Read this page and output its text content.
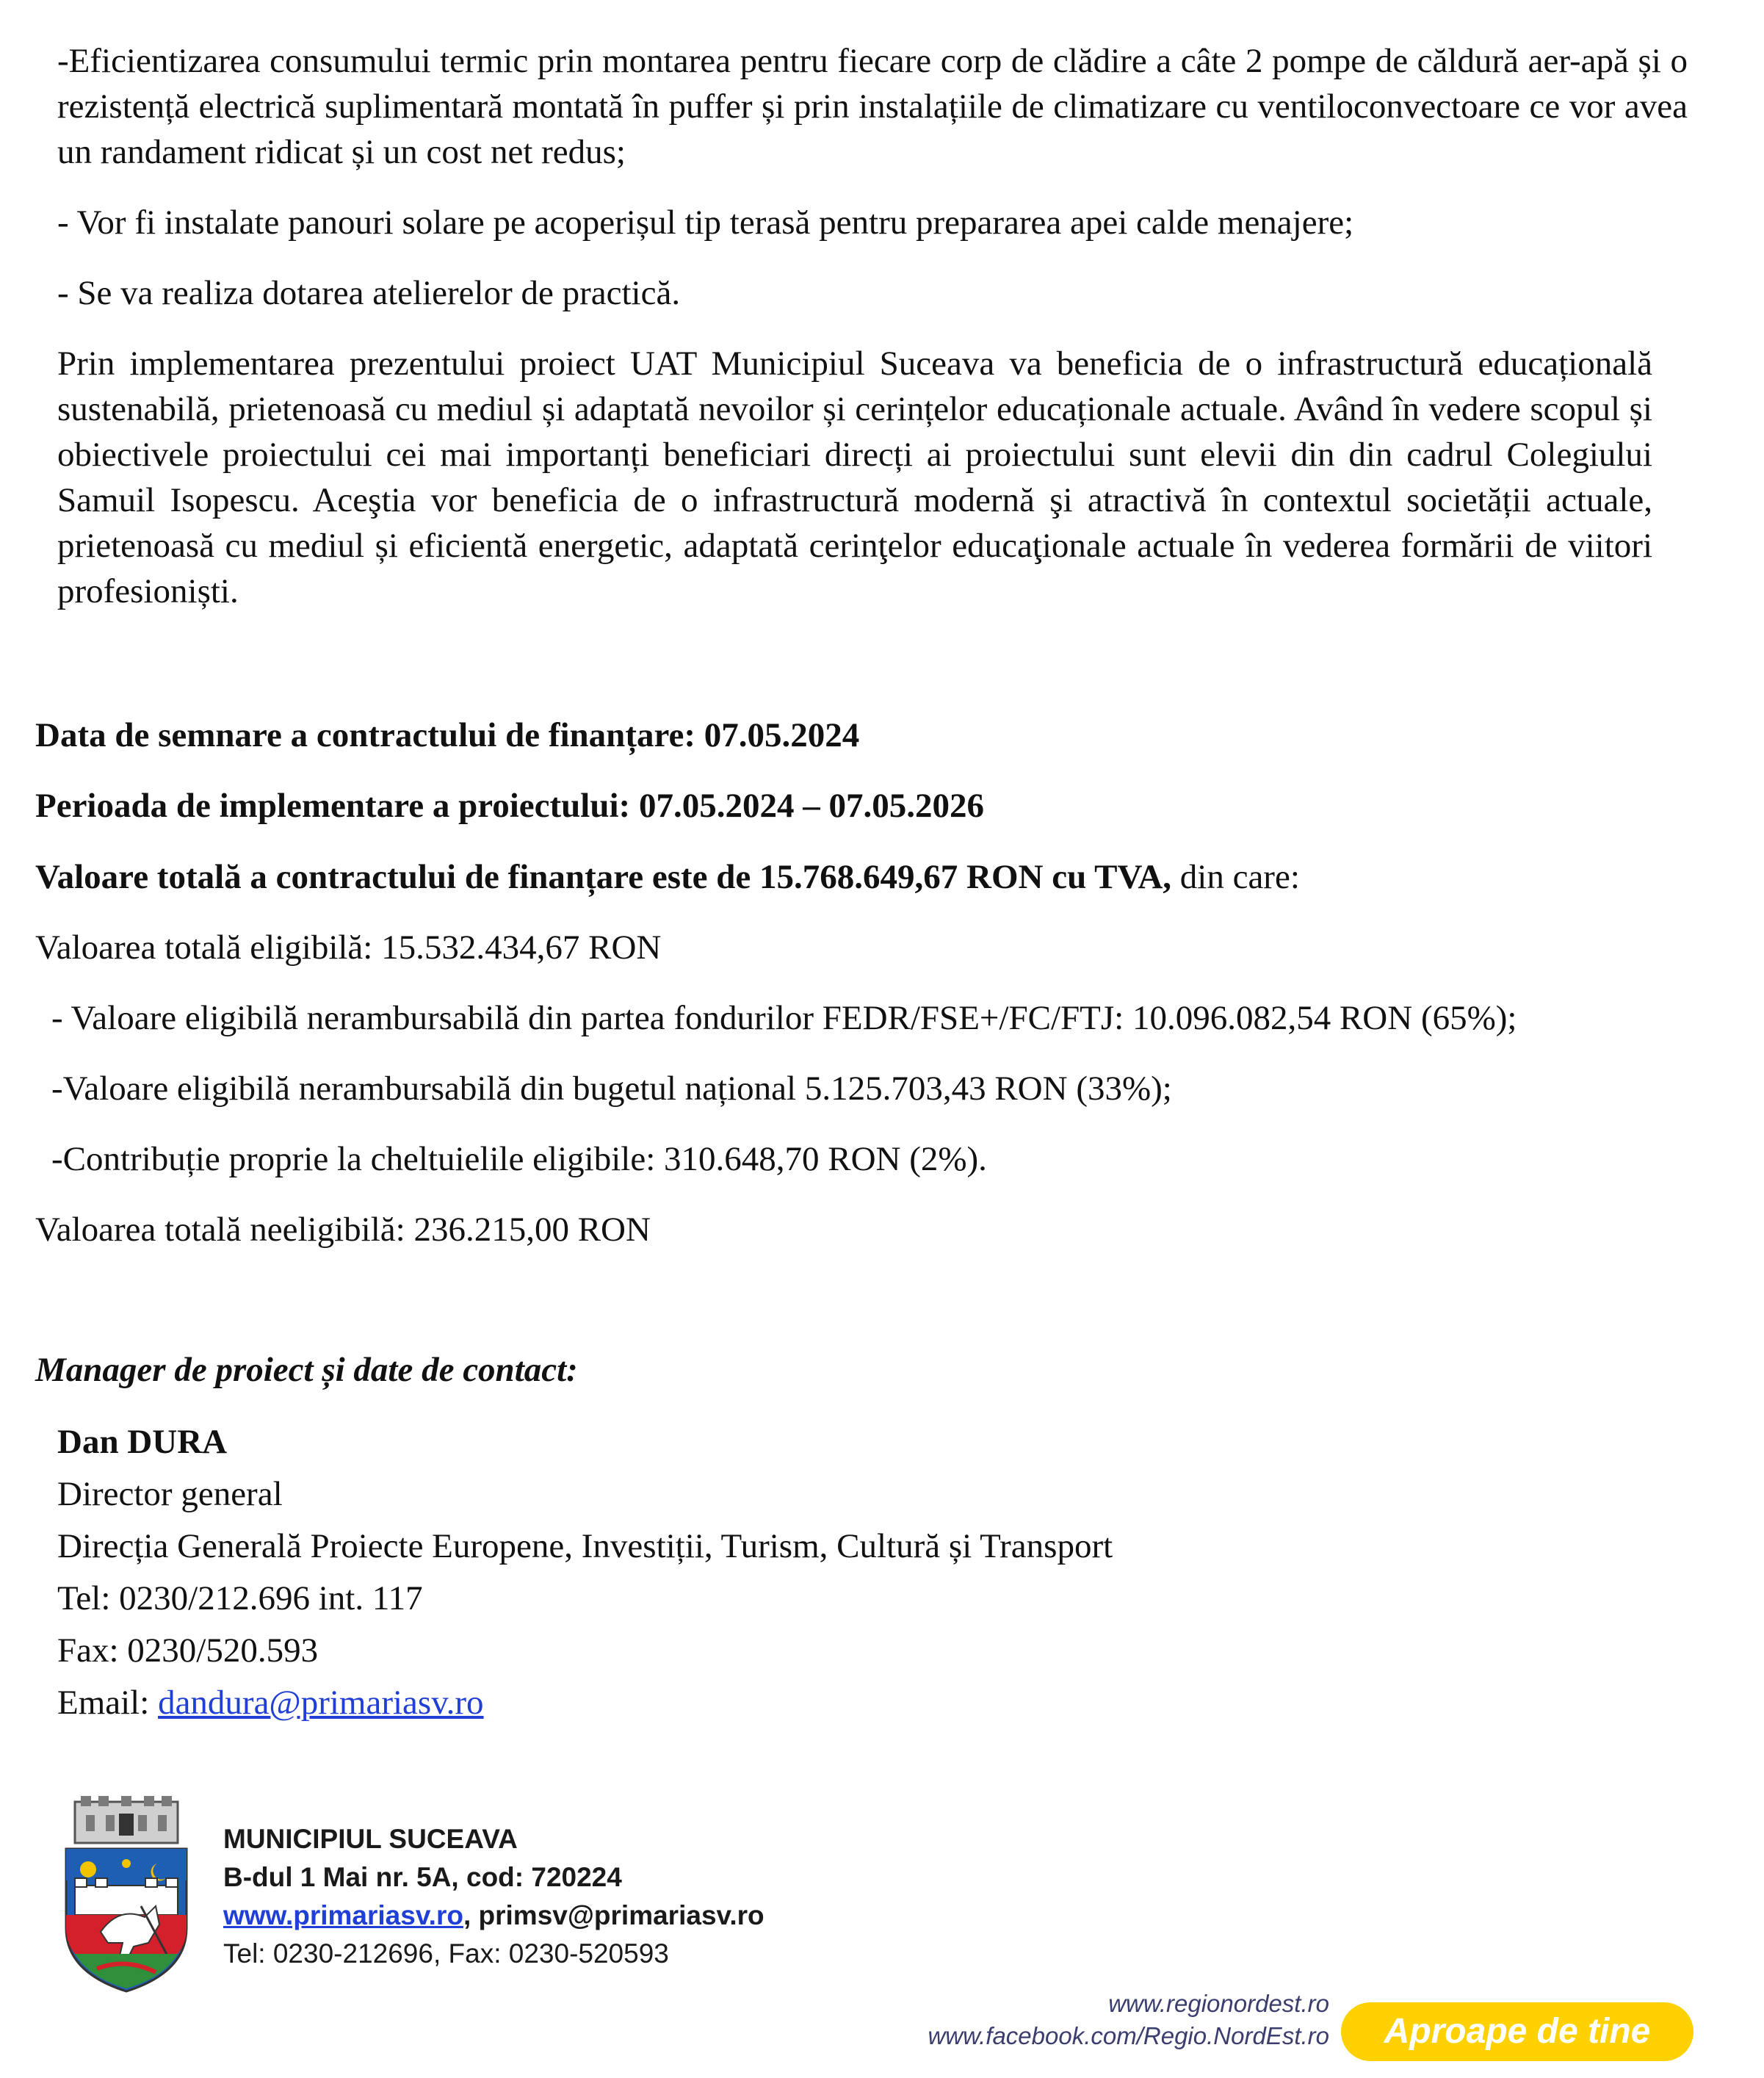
-Eficientizarea consumului termic prin montarea pentru fiecare corp de clădire a câte 2 pompe de căldură aer-apă și o rezistență electrică suplimentară montată în puffer și prin instalațiile de climatizare cu ventiloconvectoare ce vor avea un randament ridicat și un cost net redus;

- Vor fi instalate panouri solare pe acoperișul tip terasă pentru prepararea apei calde menajere;

- Se va realiza dotarea atelierelor de practică.

Prin implementarea prezentului proiect UAT Municipiul Suceava va beneficia de o infrastructură educațională sustenabilă, prietenoasă cu mediul și adaptată nevoilor și cerințelor educaționale actuale. Având în vedere scopul și obiectivele proiectului cei mai importanți beneficiari direcți ai proiectului sunt elevii din din cadrul Colegiului Samuil Isopescu. Aceştia vor beneficia de o infrastructură modernă şi atractivă în contextul societății actuale, prietenoasă cu mediul și eficientă energetic, adaptată cerinţelor educaţionale actuale în vederea formării de viitori profesioniști.

Data de semnare a contractului de finanțare: 07.05.2024

Perioada de implementare a proiectului: 07.05.2024 – 07.05.2026

Valoare totală a contractului de finanțare este de 15.768.649,67 RON cu TVA, din care:

Valoarea totală eligibilă: 15.532.434,67 RON

- Valoare eligibilă nerambursabilă din partea fondurilor FEDR/FSE+/FC/FTJ: 10.096.082,54 RON (65%);

-Valoare eligibilă nerambursabilă din bugetul național 5.125.703,43 RON (33%);

-Contribuție proprie la cheltuielile eligibile: 310.648,70 RON (2%).

Valoarea totală neeligibilă: 236.215,00 RON

Manager de proiect și date de contact:

Dan DURA
Director general
Direcția Generală Proiecte Europene, Investiții, Turism, Cultură și Transport
Tel: 0230/212.696 int. 117
Fax: 0230/520.593
Email: dandura@primariasv.ro
MUNICIPIUL SUCEAVA
B-dul 1 Mai nr. 5A, cod: 720224
www.primariasv.ro, primsv@primariasv.ro
Tel: 0230-212696, Fax: 0230-520593
www.regionordest.ro
www.facebook.com/Regio.NordEst.ro	Aproape de tine
